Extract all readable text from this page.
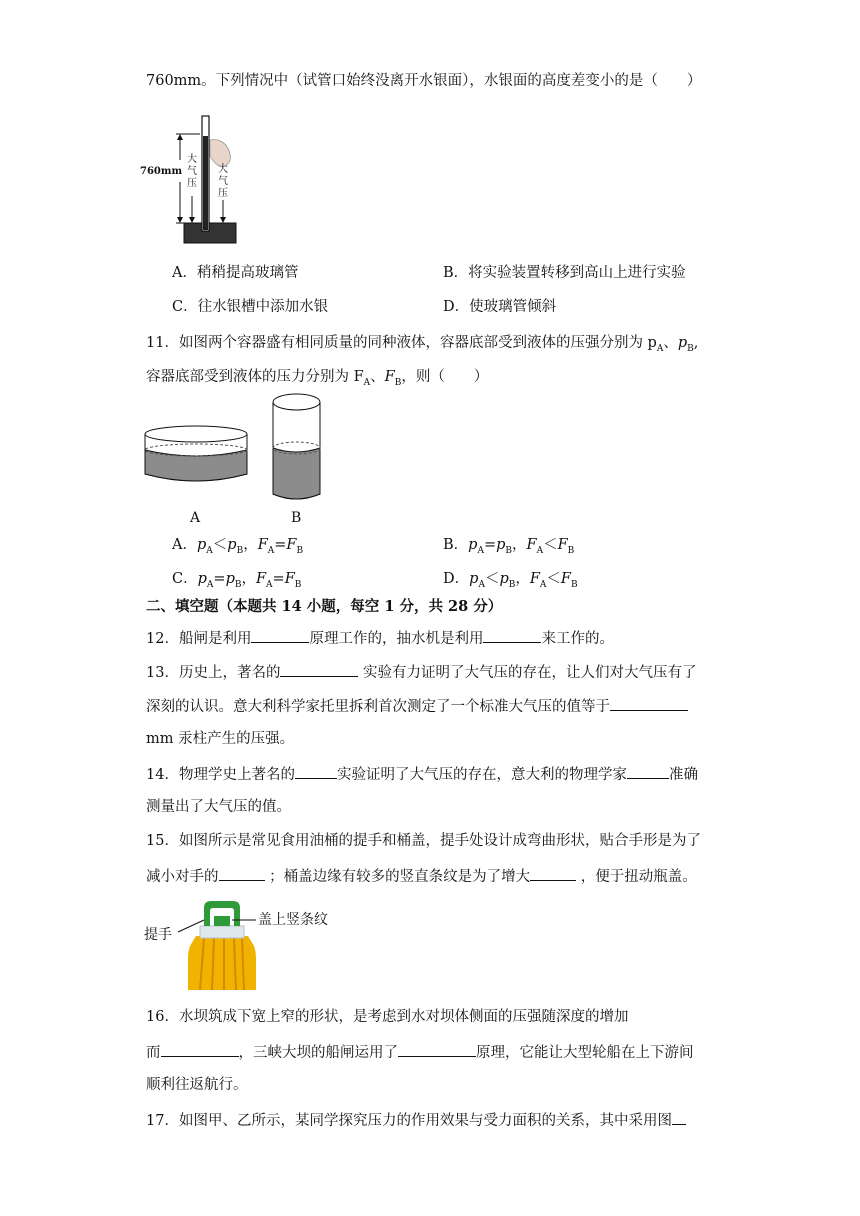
760mm。下列情况中（试管口始终没离开水银面），水银面的高度差变小的是（　　）
760mm
大气压
大气压
A．稍稍提高玻璃管	B．将实验装置转移到高山上进行实验
C．往水银槽中添加水银	D．使玻璃管倾斜
11．如图两个容器盛有相同质量的同种液体，容器底部受到液体的压强分别为 $p_A$、$p_B$,
容器底部受到液体的压力分别为 $F_A$、$F_B$，则（　　）
A	B
A．$p_A<p_B$，$F_A=F_B$	B．$p_A=p_B$，$F_A<F_B$
C．$p_A=p_B$，$F_A=F_B$	D．$p_A<p_B$，$F_A<F_B$
二、填空题（本题共 14 小题，每空 1 分，共 28 分）
12．船闸是利用	原理工作的，抽水机是利用	来工作的。
13．历史上，著名的	实验有力证明了大气压的存在，让人们对大气压有了
深刻的认识。意大利科学家托里拆利首次测定了一个标准大气压的值等于
mm 汞柱产生的压强。
14．物理学史上著名的	实验证明了大气压的存在，意大利的物理学家	准确
测量出了大气压的值。
15．如图所示是常见食用油桶的提手和桶盖，提手处设计成弯曲形状，贴合手形是为了
减小对手的	；桶盖边缘有较多的竖直条纹是为了增大	，便于扭动瓶盖。
提手
盖上竖条纹
16．水坝筑成下宽上窄的形状，是考虑到水对坝体侧面的压强随深度的增加
而	，三峡大坝的船闸运用了	原理，它能让大型轮船在上下游间
顺利往返航行。
17．如图甲、乙所示，某同学探究压力的作用效果与受力面积的关系，其中采用图
